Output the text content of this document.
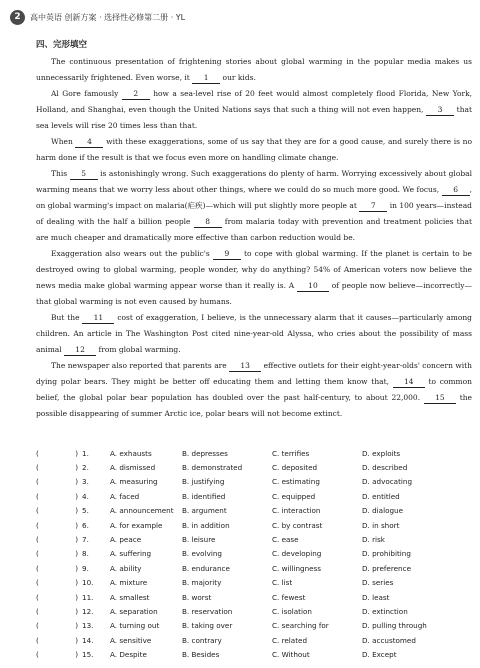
2	高中英语 创新方案 · 选择性必修第二册 · YL
四、完形填空

The continuous presentation of frightening stories about global warming in the popular media makes us unnecessarily frightened. Even worse, it 1 our kids.

Al Gore famously 2 how a sea-level rise of 20 feet would almost completely flood Florida, New York, Holland, and Shanghai, even though the United Nations says that such a thing will not even happen, 3 that sea levels will rise 20 times less than that.

When 4 with these exaggerations, some of us say that they are for a good cause, and surely there is no harm done if the result is that we focus even more on handling climate change.

This 5 is astonishingly wrong. Such exaggerations do plenty of harm. Worrying excessively about global warming means that we worry less about other things, where we could do so much more good. We focus, 6 , on global warming's impact on malaria(疟疾)—which will put slightly more people at 7 in 100 years—instead of dealing with the half a billion people 8 from malaria today with prevention and treatment policies that are much cheaper and dramatically more effective than carbon reduction would be.

Exaggeration also wears out the public's 9 to cope with global warming. If the planet is certain to be destroyed owing to global warming, people wonder, why do anything? 54% of American voters now believe the news media make global warming appear worse than it really is. A 10 of people now believe—incorrectly—that global warming is not even caused by humans.

But the 11 cost of exaggeration, I believe, is the unnecessary alarm that it causes—particularly among children. An article in The Washington Post cited nine-year-old Alyssa, who cries about the possibility of mass animal 12 from global warming.

The newspaper also reported that parents are 13 effective outlets for their eight-year-olds' concern with dying polar bears. They might be better off educating them and letting them know that, 14 to common belief, the global polar bear population has doubled over the past half-century, to about 22,000. 15 the possible disappearing of summer Arctic ice, polar bears will not become extinct.

(	) 1.	A. exhausts	B. depresses	C. terrifies	D. exploits
(	) 2.	A. dismissed	B. demonstrated	C. deposited	D. described
(	) 3.	A. measuring	B. justifying	C. estimating	D. advocating
(	) 4.	A. faced	B. identified	C. equipped	D. entitled
(	) 5.	A. announcement	B. argument	C. interaction	D. dialogue
(	) 6.	A. for example	B. in addition	C. by contrast	D. in short
(	) 7.	A. peace	B. leisure	C. ease	D. risk
(	) 8.	A. suffering	B. evolving	C. developing	D. prohibiting
(	) 9.	A. ability	B. endurance	C. willingness	D. preference
(	) 10.	A. mixture	B. majority	C. list	D. series
(	) 11.	A. smallest	B. worst	C. fewest	D. least
(	) 12.	A. separation	B. reservation	C. isolation	D. extinction
(	) 13.	A. turning out	B. taking over	C. searching for	D. pulling through
(	) 14.	A. sensitive	B. contrary	C. related	D. accustomed
(	) 15.	A. Despite	B. Besides	C. Without	D. Except
